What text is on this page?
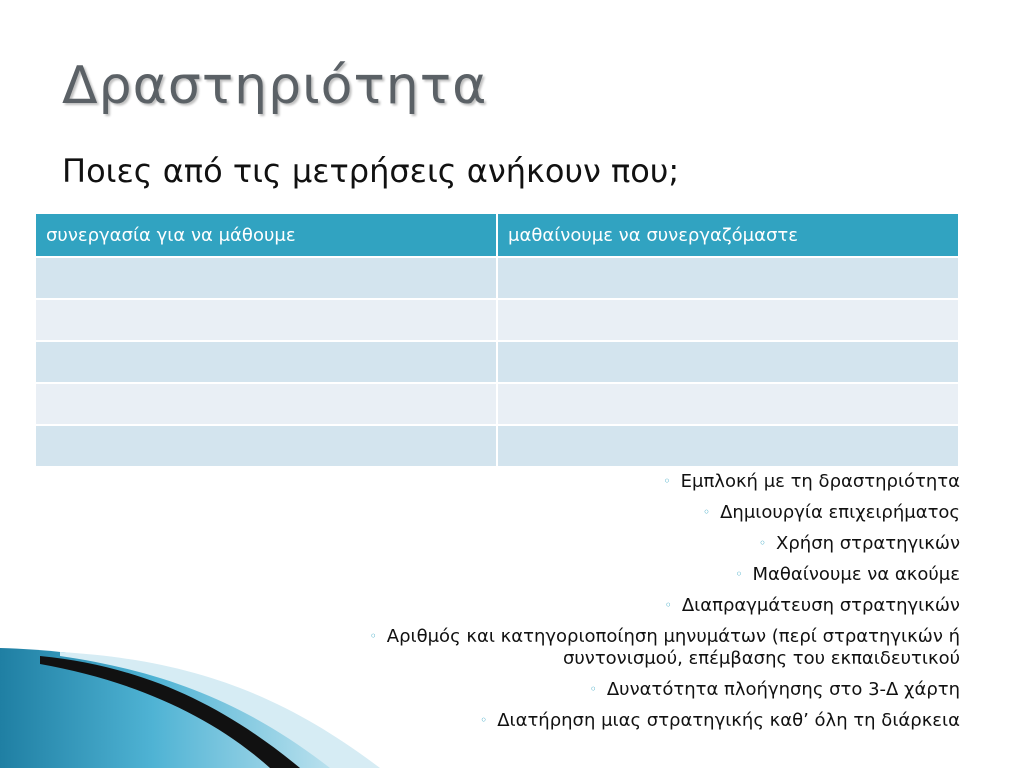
Δραστηριότητα
Ποιες από τις μετρήσεις ανήκουν που;
συνεργασία για να μάθουμε	μαθαίνουμε να συνεργαζόμαστε

◦ Εμπλοκή με τη δραστηριότητα
◦ Δημιουργία επιχειρήματος
◦ Χρήση στρατηγικών
◦ Μαθαίνουμε να ακούμε
◦ Διαπραγμάτευση στρατηγικών
◦ Αριθμός και κατηγοριοποίηση μηνυμάτων (περί στρατηγικών ή
συντονισμού, επέμβασης του εκπαιδευτικού
◦ Δυνατότητα πλοήγησης στο 3-Δ χάρτη
◦ Διατήρηση μιας στρατηγικής καθ’ όλη τη διάρκεια
